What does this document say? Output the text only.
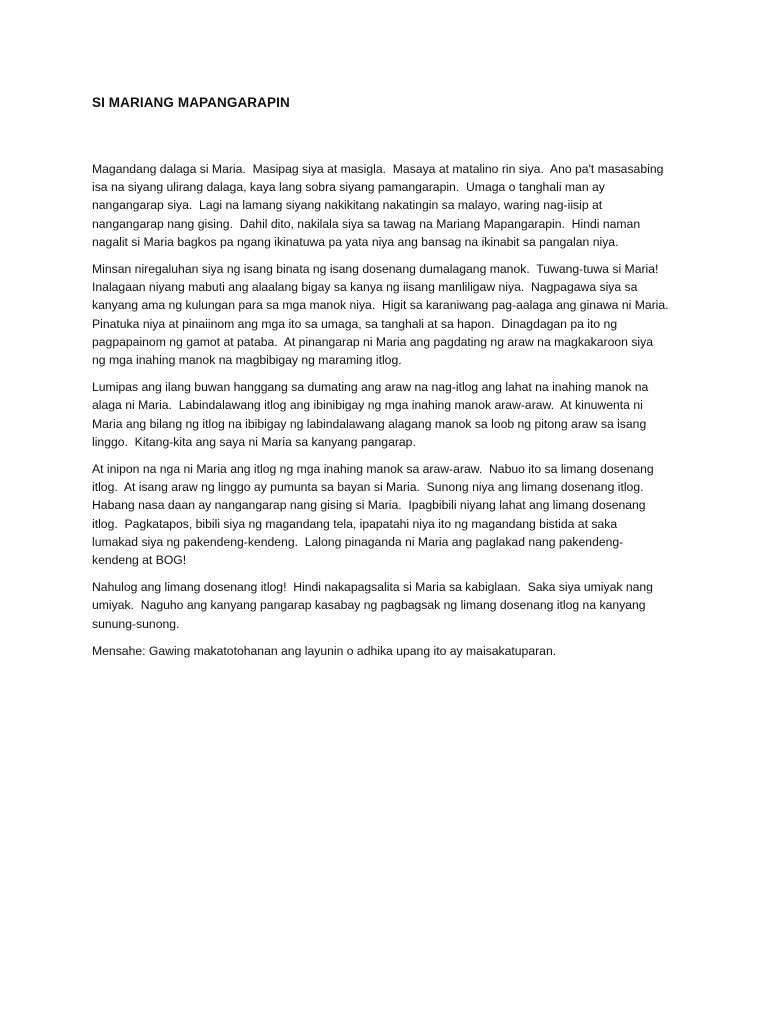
SI MARIANG MAPANGARAPIN
Magandang dalaga si Maria.  Masipag siya at masigla.  Masaya at matalino rin siya.  Ano pa't masasabing
isa na siyang ulirang dalaga, kaya lang sobra siyang pamangarapin.  Umaga o tanghali man ay
nangangarap siya.  Lagi na lamang siyang nakikitang nakatingin sa malayo, waring nag-iisip at
nangangarap nang gising.  Dahil dito, nakilala siya sa tawag na Mariang Mapangarapin.  Hindi naman
nagalit si Maria bagkos pa ngang ikinatuwa pa yata niya ang bansag na ikinabit sa pangalan niya.
Minsan niregaluhan siya ng isang binata ng isang dosenang dumalagang manok.  Tuwang-tuwa si Maria!
Inalagaan niyang mabuti ang alaalang bigay sa kanya ng iisang manliligaw niya.  Nagpagawa siya sa
kanyang ama ng kulungan para sa mga manok niya.  Higit sa karaniwang pag-aalaga ang ginawa ni Maria.
Pinatuka niya at pinaiinom ang mga ito sa umaga, sa tanghali at sa hapon.  Dinagdagan pa ito ng
pagpapainom ng gamot at pataba.  At pinangarap ni Maria ang pagdating ng araw na magkakaroon siya
ng mga inahing manok na magbibigay ng maraming itlog.
Lumipas ang ilang buwan hanggang sa dumating ang araw na nag-itlog ang lahat na inahing manok na
alaga ni Maria.  Labindalawang itlog ang ibinibigay ng mga inahing manok araw-araw.  At kinuwenta ni
Maria ang bilang ng itlog na ibibigay ng labindalawang alagang manok sa loob ng pitong araw sa isang
linggo.  Kitang-kita ang saya ni Maria sa kanyang pangarap.
At inipon na nga ni Maria ang itlog ng mga inahing manok sa araw-araw.  Nabuo ito sa limang dosenang
itlog.  At isang araw ng linggo ay pumunta sa bayan si Maria.  Sunong niya ang limang dosenang itlog.
Habang nasa daan ay nangangarap nang gising si Maria.  Ipagbibili niyang lahat ang limang dosenang
itlog.  Pagkatapos, bibili siya ng magandang tela, ipapatahi niya ito ng magandang bistida at saka
lumakad siya ng pakendeng-kendeng.  Lalong pinaganda ni Maria ang paglakad nang pakendeng-
kendeng at BOG!
Nahulog ang limang dosenang itlog!  Hindi nakapagsalita si Maria sa kabiglaan.  Saka siya umiyak nang
umiyak.  Naguho ang kanyang pangarap kasabay ng pagbagsak ng limang dosenang itlog na kanyang
sunung-sunong.
Mensahe: Gawing makatotohanan ang layunin o adhika upang ito ay maisakatuparan.
